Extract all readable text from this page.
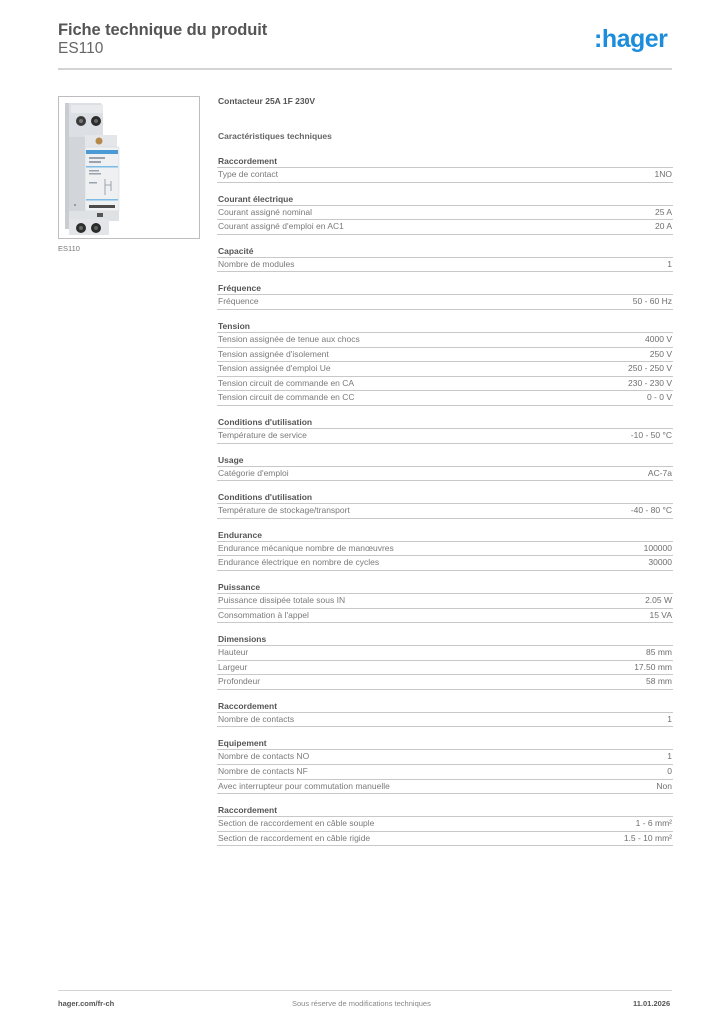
Fiche technique du produit
ES110	:hager
ES110
Contacteur 25A 1F 230V
Caractéristiques techniques
Raccordement
Type de contact	1NO
Courant électrique
Courant assigné nominal	25 A
Courant assigné d'emploi en AC1	20 A
Capacité
Nombre de modules	1
Fréquence
Fréquence	50 - 60 Hz
Tension
Tension assignée de tenue aux chocs	4000 V
Tension assignée d'isolement	250 V
Tension assignée d'emploi Ue	250 - 250 V
Tension circuit de commande en CA	230 - 230 V
Tension circuit de commande en CC	0 - 0 V
Conditions d'utilisation
Température de service	-10 - 50 °C
Usage
Catégorie d'emploi	AC-7a
Conditions d'utilisation
Température de stockage/transport	-40 - 80 °C
Endurance
Endurance mécanique nombre de manœuvres	100000
Endurance électrique en nombre de cycles	30000
Puissance
Puissance dissipée totale sous IN	2.05 W
Consommation à l'appel	15 VA
Dimensions
Hauteur	85 mm
Largeur	17.50 mm
Profondeur	58 mm
Raccordement
Nombre de contacts	1
Equipement
Nombre de contacts NO	1
Nombre de contacts NF	0
Avec interrupteur pour commutation manuelle	Non
Raccordement
Section de raccordement en câble souple	1 - 6 mm²
Section de raccordement en câble rigide	1.5 - 10 mm²
hager.com/fr-ch	Sous réserve de modifications techniques	11.01.2026
